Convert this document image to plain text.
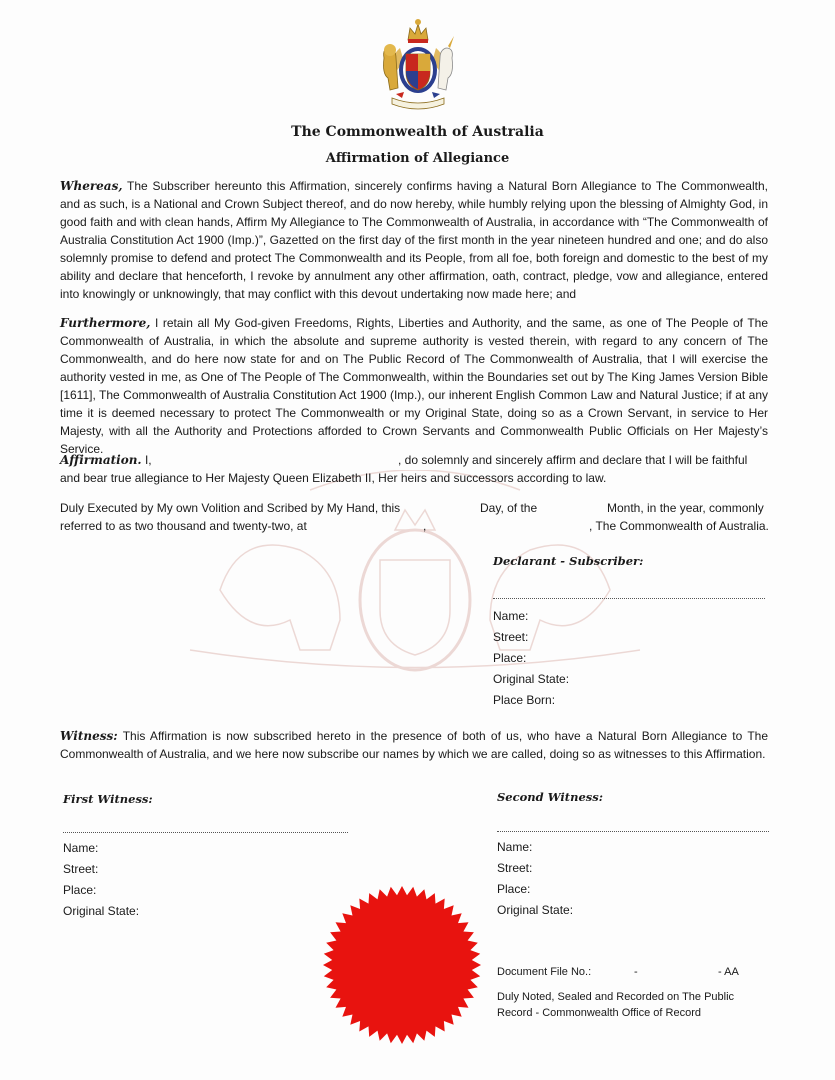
The Commonwealth of Australia
Affirmation of Allegiance
Whereas, The Subscriber hereunto this Affirmation, sincerely confirms having a Natural Born Allegiance to The Commonwealth, and as such, is a National and Crown Subject thereof, and do now hereby, while humbly relying upon the blessing of Almighty God, in good faith and with clean hands, Affirm My Allegiance to The Commonwealth of Australia, in accordance with “The Commonwealth of Australia Constitution Act 1900 (Imp.)”, Gazetted on the first day of the first month in the year nineteen hundred and one; and do also solemnly promise to defend and protect The Commonwealth and its People, from all foe, both foreign and domestic to the best of my ability and declare that henceforth, I revoke by annulment any other affirmation, oath, contract, pledge, vow and allegiance, entered into knowingly or unknowingly, that may conflict with this devout undertaking now made here; and
Furthermore, I retain all My God-given Freedoms, Rights, Liberties and Authority, and the same, as one of The People of The Commonwealth of Australia, in which the absolute and supreme authority is vested therein, with regard to any concern of The Commonwealth, and do here now state for and on The Public Record of The Commonwealth of Australia, that I will exercise the authority vested in me, as One of The People of The Commonwealth, within the Boundaries set out by The King James Version Bible [1611], The Commonwealth of Australia Constitution Act 1900 (Imp.), our inherent English Common Law and Natural Justice; if at any time it is deemed necessary to protect The Commonwealth or my Original State, doing so as a Crown Servant, in service to Her Majesty, with all the Authority and Protections afforded to Crown Servants and Commonwealth Public Officials on Her Majesty’s Service.
Affirmation. I,	, do solemnly and sincerely affirm and declare that I will be faithful
and bear true allegiance to Her Majesty Queen Elizabeth II, Her heirs and successors according to law.
Duly Executed by My own Volition and Scribed by My Hand, this
referred to as two thousand and twenty-two, at	,
Day, of the	Month, in the year, commonly
, The Commonwealth of Australia.
Declarant - Subscriber:
Name:
Street:
Place:
Original State:
Place Born:
Witness: This Affirmation is now subscribed hereto in the presence of both of us, who have a Natural Born Allegiance to The Commonwealth of Australia, and we here now subscribe our names by which we are called, doing so as witnesses to this Affirmation.
First Witness:
Name:
Street:
Place:
Original State:
Second Witness:
Name:
Street:
Place:
Original State:
Document File No.:	-	- AA
Duly Noted, Sealed and Recorded on The Public
Record - Commonwealth Office of Record
